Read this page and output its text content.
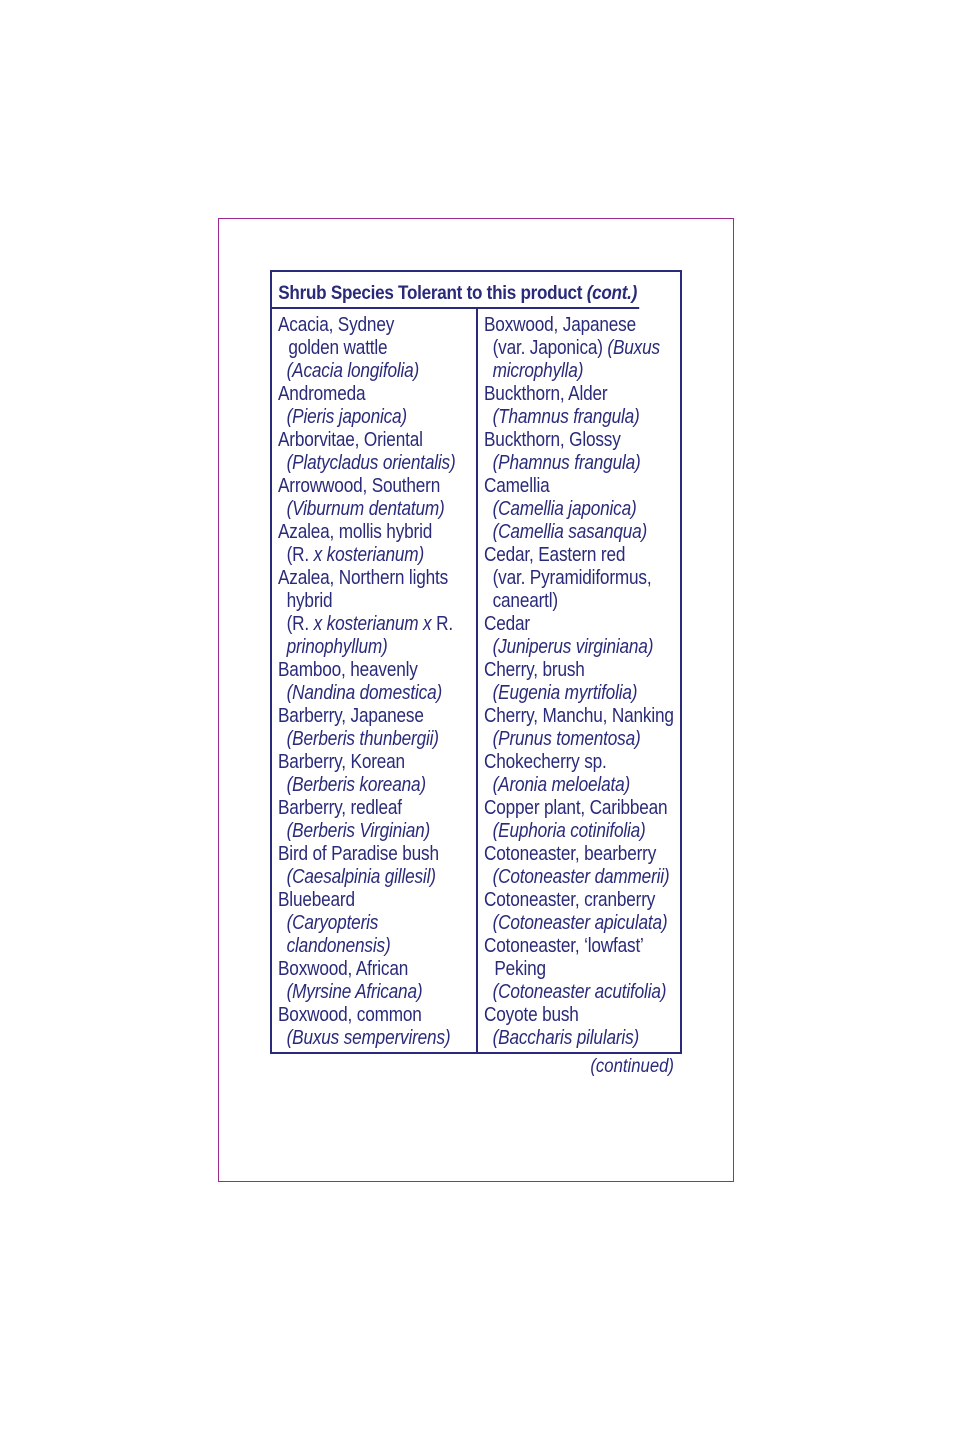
Shrub Species Tolerant to this product (cont.)
Acacia, Sydney
golden wattle
(Acacia longifolia)
Andromeda
(Pieris japonica)
Arborvitae, Oriental
(Platycladus orientalis)
Arrowwood, Southern
(Viburnum dentatum)
Azalea, mollis hybrid
(R. x kosterianum)
Azalea, Northern lights
hybrid
(R. x kosterianum x R.
prinophyllum)
Bamboo, heavenly
(Nandina domestica)
Barberry, Japanese
(Berberis thunbergii)
Barberry, Korean
(Berberis koreana)
Barberry, redleaf
(Berberis Virginian)
Bird of Paradise bush
(Caesalpinia gillesil)
Bluebeard
(Caryopteris
clandonensis)
Boxwood, African
(Myrsine Africana)
Boxwood, common
(Buxus sempervirens)
Boxwood, Japanese
(var. Japonica) (Buxus
microphylla)
Buckthorn, Alder
(Thamnus frangula)
Buckthorn, Glossy
(Phamnus frangula)
Camellia
(Camellia japonica)
(Camellia sasanqua)
Cedar, Eastern red
(var. Pyramidiformus,
caneartl)
Cedar
(Juniperus virginiana)
Cherry, brush
(Eugenia myrtifolia)
Cherry, Manchu, Nanking
(Prunus tomentosa)
Chokecherry sp.
(Aronia meloelata)
Copper plant, Caribbean
(Euphoria cotinifolia)
Cotoneaster, bearberry
(Cotoneaster dammerii)
Cotoneaster, cranberry
(Cotoneaster apiculata)
Cotoneaster, ‘lowfast’
Peking
(Cotoneaster acutifolia)
Coyote bush
(Baccharis pilularis)
(continued)
